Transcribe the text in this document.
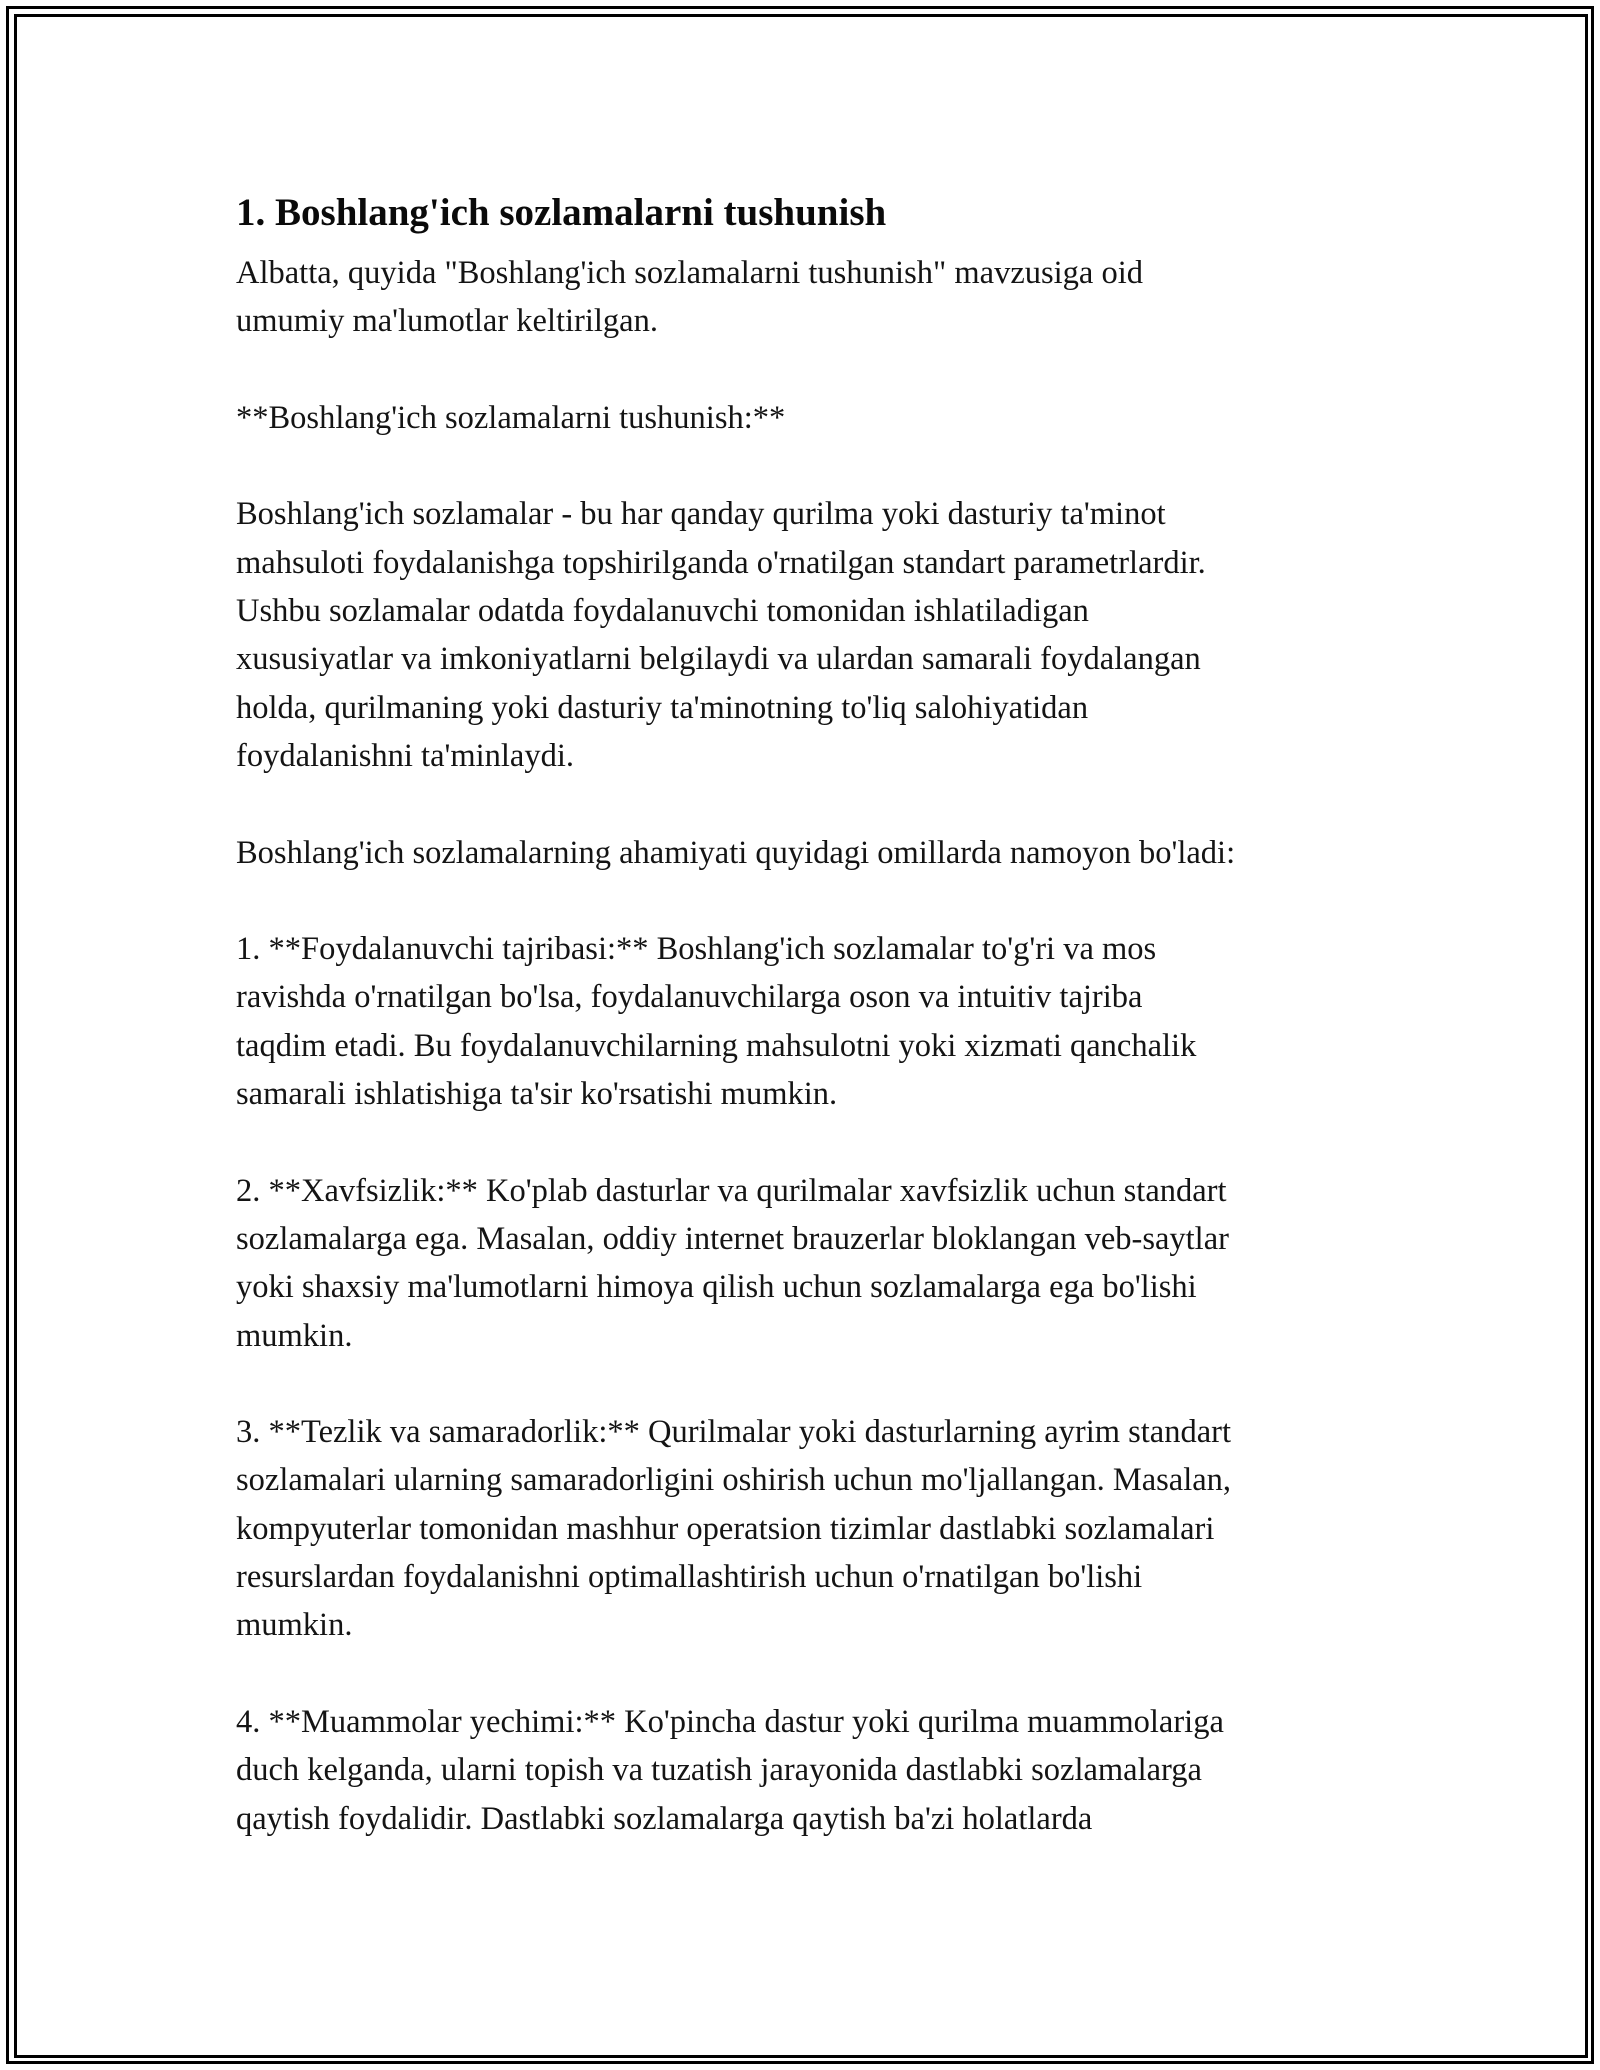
1. Boshlang'ich sozlamalarni tushunish

Albatta, quyida "Boshlang'ich sozlamalarni tushunish" mavzusiga oid
umumiy ma'lumotlar keltirilgan.

**Boshlang'ich sozlamalarni tushunish:**

Boshlang'ich sozlamalar - bu har qanday qurilma yoki dasturiy ta'minot
mahsuloti foydalanishga topshirilganda o'rnatilgan standart parametrlardir.
Ushbu sozlamalar odatda foydalanuvchi tomonidan ishlatiladigan
xususiyatlar va imkoniyatlarni belgilaydi va ulardan samarali foydalangan
holda, qurilmaning yoki dasturiy ta'minotning to'liq salohiyatidan
foydalanishni ta'minlaydi.

Boshlang'ich sozlamalarning ahamiyati quyidagi omillarda namoyon bo'ladi:

1. **Foydalanuvchi tajribasi:** Boshlang'ich sozlamalar to'g'ri va mos
ravishda o'rnatilgan bo'lsa, foydalanuvchilarga oson va intuitiv tajriba
taqdim etadi. Bu foydalanuvchilarning mahsulotni yoki xizmati qanchalik
samarali ishlatishiga ta'sir ko'rsatishi mumkin.

2. **Xavfsizlik:** Ko'plab dasturlar va qurilmalar xavfsizlik uchun standart
sozlamalarga ega. Masalan, oddiy internet brauzerlar bloklangan veb-saytlar
yoki shaxsiy ma'lumotlarni himoya qilish uchun sozlamalarga ega bo'lishi
mumkin.

3. **Tezlik va samaradorlik:** Qurilmalar yoki dasturlarning ayrim standart
sozlamalari ularning samaradorligini oshirish uchun mo'ljallangan. Masalan,
kompyuterlar tomonidan mashhur operatsion tizimlar dastlabki sozlamalari
resurslardan foydalanishni optimallashtirish uchun o'rnatilgan bo'lishi
mumkin.

4. **Muammolar yechimi:** Ko'pincha dastur yoki qurilma muammolariga
duch kelganda, ularni topish va tuzatish jarayonida dastlabki sozlamalarga
qaytish foydalidir. Dastlabki sozlamalarga qaytish ba'zi holatlarda
